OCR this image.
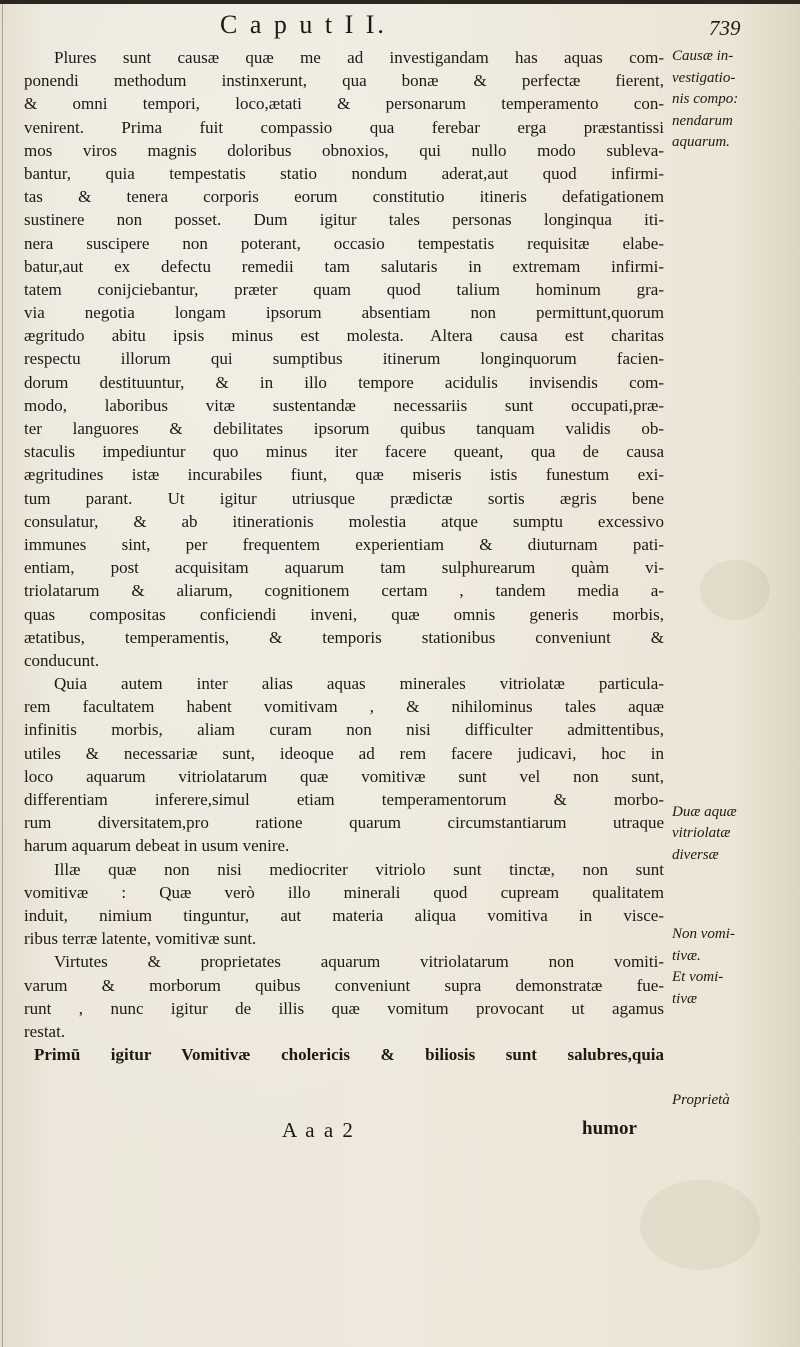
C a p u t I I.	739
Plures sunt causæ quæ me ad investigandam has aquas com-
ponendi methodum instinxerunt, qua bonæ & perfectæ fierent,
& omni tempori, loco,ætati & personarum temperamento con-
venirent. Prima fuit compassio qua ferebar erga præstantissi
mos viros magnis doloribus obnoxios, qui nullo modo subleva-
bantur, quia tempestatis statio nondum aderat,aut quod infirmi-
tas & tenera corporis eorum constitutio itineris defatigationem
sustinere non posset. Dum igitur tales personas longinqua iti-
nera suscipere non poterant, occasio tempestatis requisitæ elabe-
batur,aut ex defectu remedii tam salutaris in extremam infirmi-
tatem conijciebantur, præter quam quod talium hominum gra-
via negotia longam ipsorum absentiam non permittunt,quorum
ægritudo abitu ipsis minus est molesta. Altera causa est charitas
respectu illorum qui sumptibus itinerum longinquorum facien-
dorum destituuntur, & in illo tempore acidulis invisendis com-
modo, laboribus vitæ sustentandæ necessariis sunt occupati,præ-
ter languores & debilitates ipsorum quibus tanquam validis ob-
staculis impediuntur quo minus iter facere queant, qua de causa
ægritudines istæ incurabiles fiunt, quæ miseris istis funestum exi-
tum parant. Ut igitur utriusque prædictæ sortis ægris bene
consulatur, & ab itinerationis molestia atque sumptu excessivo
immunes sint, per frequentem experientiam & diuturnam pati-
entiam, post acquisitam aquarum tam sulphurearum quàm vi-
triolatarum & aliarum, cognitionem certam , tandem media a-
quas compositas conficiendi inveni, quæ omnis generis morbis,
ætatibus, temperamentis, & temporis stationibus conveniunt &
conducunt.
Quia autem inter alias aquas minerales vitriolatæ particula-
rem facultatem habent vomitivam , & nihilominus tales aquæ
infinitis morbis, aliam curam non nisi difficulter admittentibus,
utiles & necessariæ sunt, ideoque ad rem facere judicavi, hoc in
loco aquarum vitriolatarum quæ vomitivæ sunt vel non sunt,
differentiam inferere,simul etiam temperamentorum & morbo-
rum diversitatem,pro ratione quarum circumstantiarum utraque
harum aquarum debeat in usum venire.
Illæ quæ non nisi mediocriter vitriolo sunt tinctæ, non sunt
vomitivæ : Quæ verò illo minerali quod cupream qualitatem
induit, nimium tinguntur, aut materia aliqua vomitiva in visce-
ribus terræ latente, vomitivæ sunt.
Virtutes & proprietates aquarum vitriolatarum non vomiti-
varum & morborum quibus conveniunt supra demonstratæ fue-
runt , nunc igitur de illis quæ vomitum provocant ut agamus
restat.
Primū igitur Vomitivæ cholericis & biliosis sunt salubres,quia
Causæ in-
vestigatio-
nis compo:
nendarum
aquarum.
Duæ aquæ
vitriolatæ
diversæ
Non vomi-
tivæ.
Et vomi-
tivæ
Proprietà
A a a 2	humor
